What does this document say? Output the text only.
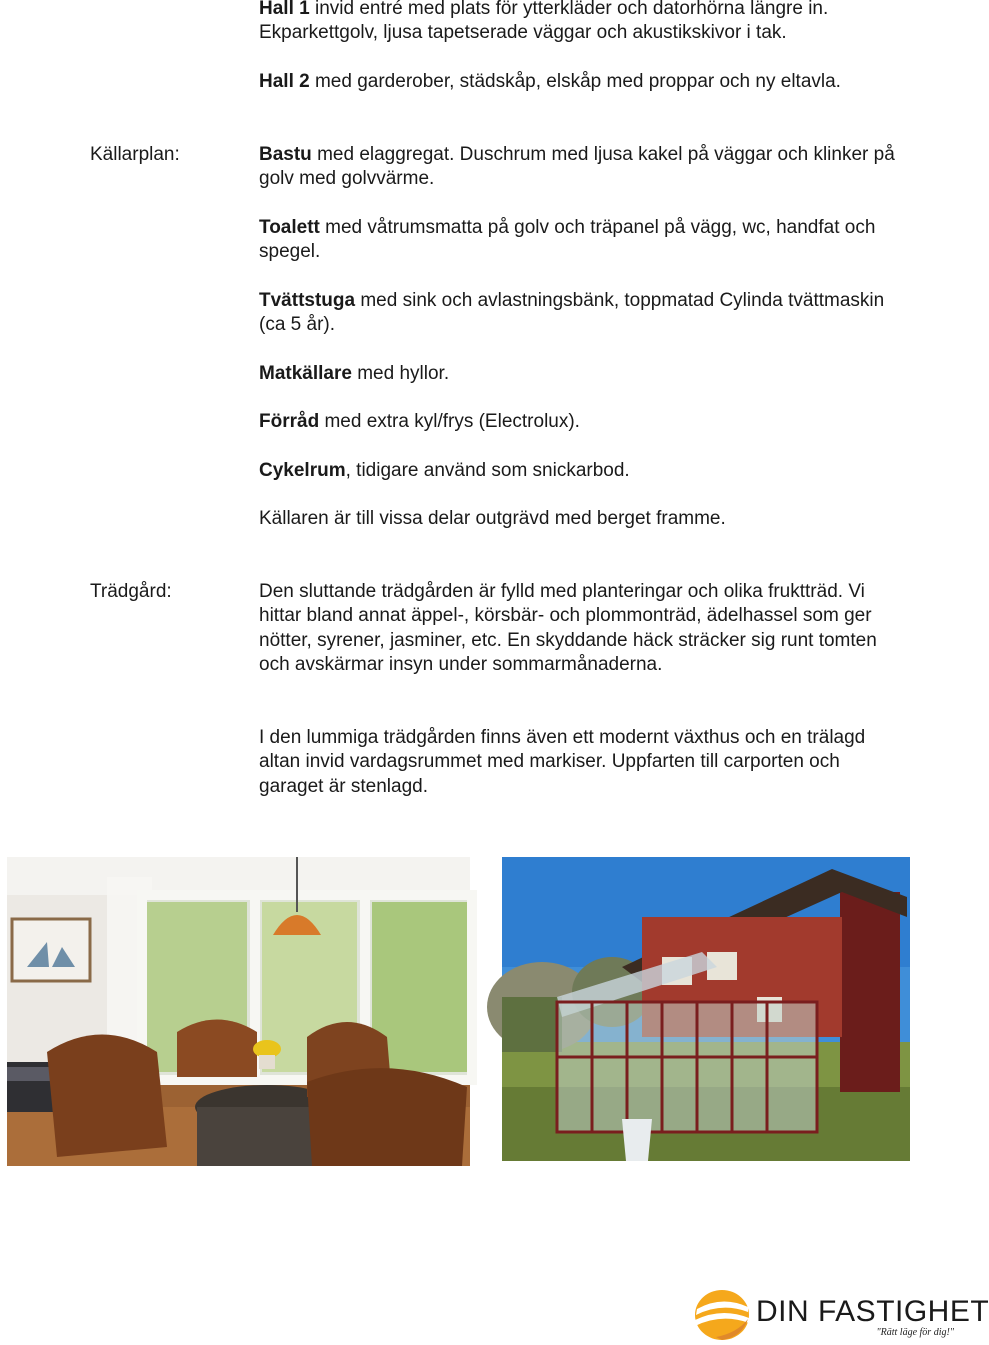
Hall 1 invid entré med plats för ytterkläder och datorhörna längre in. Ekparkettgolv, ljusa tapetserade väggar och akustikskivor i tak.

Hall 2 med garderober, städskåp, elskåp med proppar och ny eltavla.

Källarplan:	Bastu med elaggregat. Duschrum med ljusa kakel på väggar och klinker på golv med golvvärme.

Toalett med våtrumsmatta på golv och träpanel på vägg, wc, handfat och spegel.

Tvättstuga med sink och avlastningsbänk, toppmatad Cylinda tvättmaskin (ca 5 år).

Matkällare med hyllor.

Förråd med extra kyl/frys (Electrolux).

Cykelrum, tidigare använd som snickarbod.

Källaren är till vissa delar outgrävd med berget framme.

Trädgård:	Den sluttande trädgården är fylld med planteringar och olika fruktträd. Vi hittar bland annat äppel-, körsbär- och plommonträd, ädelhassel som ger nötter, syrener, jasminer, etc. En skyddande häck sträcker sig runt tomten och avskärmar insyn under sommarmånaderna.

I den lummiga trädgården finns även ett modernt växthus och en trälagd altan invid vardagsrummet med markiser. Uppfarten till carporten och garaget är stenlagd.

DIN FASTIGHET
"Rätt läge för dig!"
